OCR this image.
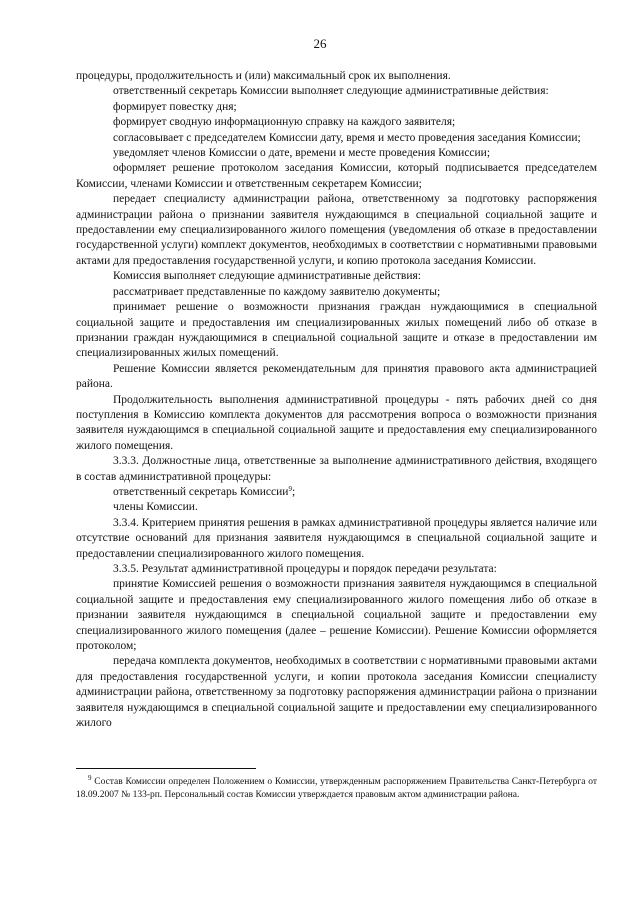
26

процедуры, продолжительность и (или) максимальный срок их выполнения.

ответственный секретарь Комиссии выполняет следующие административные действия:

формирует повестку дня;

формирует сводную информационную справку на каждого заявителя;

согласовывает с председателем Комиссии дату, время и место проведения заседания Комиссии;

уведомляет членов Комиссии о дате, времени и месте проведения Комиссии;

оформляет решение протоколом заседания Комиссии, который подписывается председателем Комиссии, членами Комиссии и ответственным секретарем Комиссии;

передает специалисту администрации района, ответственному за подготовку распоряжения администрации района о признании заявителя нуждающимся в специальной социальной защите и предоставлении ему специализированного жилого помещения (уведомления об отказе в предоставлении государственной услуги) комплект документов, необходимых в соответствии с нормативными правовыми актами для предоставления государственной услуги, и копию протокола заседания Комиссии.

Комиссия выполняет следующие административные действия:

рассматривает представленные по каждому заявителю документы;

принимает решение о возможности признания граждан нуждающимися в специальной социальной защите и предоставления им специализированных жилых помещений либо об отказе в признании граждан нуждающимися в специальной социальной защите и отказе в предоставлении им специализированных жилых помещений.

Решение Комиссии является рекомендательным для принятия правового акта администрацией района.

Продолжительность выполнения административной процедуры - пять рабочих дней со дня поступления в Комиссию комплекта документов для рассмотрения вопроса о возможности признания заявителя нуждающимся в специальной социальной защите и предоставления ему специализированного жилого помещения.

3.3.3. Должностные лица, ответственные за выполнение административного действия, входящего в состав административной процедуры:

ответственный секретарь Комиссии$^9$;

члены Комиссии.

3.3.4. Критерием принятия решения в рамках административной процедуры является наличие или отсутствие оснований для признания заявителя нуждающимся в специальной социальной защите и предоставлении специализированного жилого помещения.

3.3.5. Результат административной процедуры и порядок передачи результата:

принятие Комиссией решения о возможности признания заявителя нуждающимся в специальной социальной защите и предоставления ему специализированного жилого помещения либо об отказе в признании заявителя нуждающимся в специальной социальной защите и предоставлении ему специализированного жилого помещения (далее – решение Комиссии). Решение Комиссии оформляется протоколом;

передача комплекта документов, необходимых в соответствии с нормативными правовыми актами для предоставления государственной услуги, и копии протокола заседания Комиссии специалисту администрации района, ответственному за подготовку распоряжения администрации района о признании заявителя нуждающимся в специальной социальной защите и предоставлении ему специализированного жилого

$^9$ Состав Комиссии определен Положением о Комиссии, утвержденным распоряжением Правительства Санкт-Петербурга от 18.09.2007 № 133-рп. Персональный состав Комиссии утверждается правовым актом администрации района.
